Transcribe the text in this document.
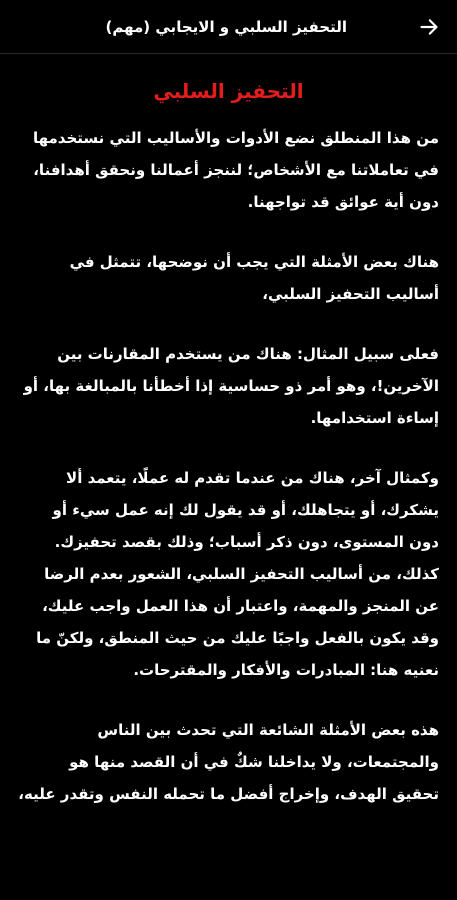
التحفيز السلبي و الايجابي (مهم)
التحفيز السلبي

من هذا المنطلق نضع الأدوات والأساليب التي نستخدمها في تعاملاتنا مع الأشخاص؛ لننجز أعمالنا ونحقق أهدافنا، دون أية عوائق قد تواجهنا.

هناك بعض الأمثلة التي يجب أن نوضحها، تتمثل في أساليب التحفيز السلبي،

فعلى سبيل المثال: هناك من يستخدم المقارنات بين الآخرين!، وهو أمر ذو حساسية إذا أخطأنا بالمبالغة بها، أو إساءة استخدامها.

وكمثال آخر، هناك من عندما تقدم له عملًا، يتعمد ألا يشكرك، أو يتجاهلك، أو قد يقول لك إنه عمل سيء أو دون المستوى، دون ذكر أسباب؛ وذلك بقصد تحفيزك. كذلك، من أساليب التحفيز السلبي، الشعور بعدم الرضا عن المنجز والمهمة، واعتبار أن هذا العمل واجب عليك، وقد يكون بالفعل واجبًا عليك من حيث المنطق، ولكنّ ما نعنيه هنا: المبادرات والأفكار والمقترحات.

هذه بعض الأمثلة الشائعة التي تحدث بين الناس والمجتمعات، ولا يداخلنا شكٌ في أن القصد منها هو تحقيق الهدف، وإخراج أفضل ما تحمله النفس وتقدر عليه،
